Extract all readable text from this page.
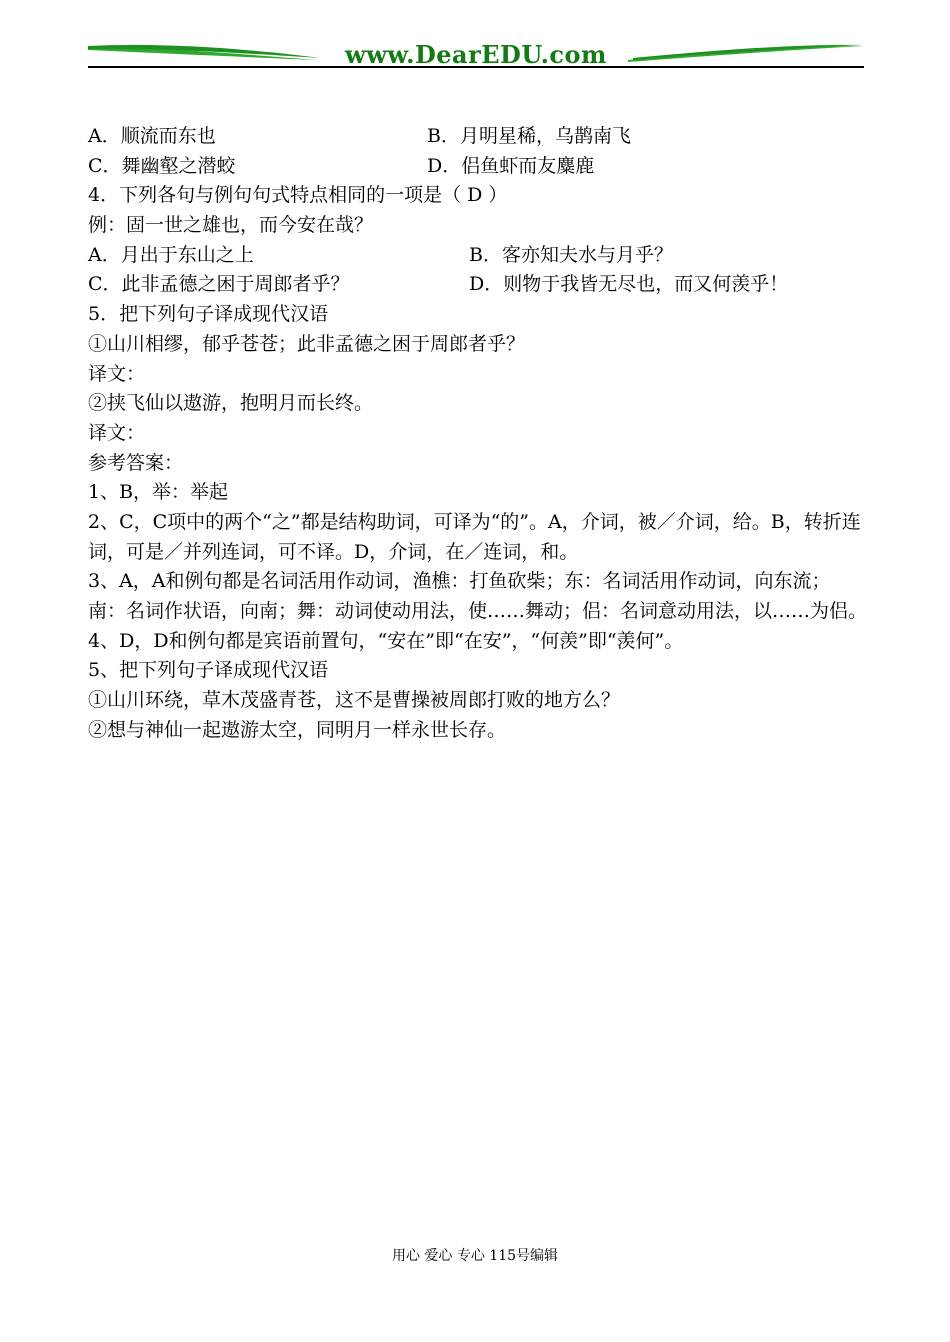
www.DearEDU.com
A．顺流而东也	B．月明星稀，乌鹊南飞
C．舞幽壑之潜蛟	D．侣鱼虾而友麋鹿
4．下列各句与例句句式特点相同的一项是（ D ）
例：固一世之雄也，而今安在哉？
A．月出于东山之上	B．客亦知夫水与月乎？
C．此非孟德之困于周郎者乎？	D．则物于我皆无尽也，而又何羡乎！
5．把下列句子译成现代汉语
①山川相缪，郁乎苍苍；此非孟德之困于周郎者乎？
译文：
②挟飞仙以遨游，抱明月而长终。
译文：
参考答案：
1、B，举：举起
2、C，C项中的两个“之”都是结构助词，可译为“的”。A，介词，被／介词，给。B，转折连词，可是／并列连词，可不译。D，介词，在／连词，和。
3、A，A和例句都是名词活用作动词，渔樵：打鱼砍柴；东：名词活用作动词，向东流；南：名词作状语，向南；舞：动词使动用法，使……舞动；侣：名词意动用法，以……为侣。
4、D，D和例句都是宾语前置句，“安在”即“在安”，“何羡”即“羡何”。
5、把下列句子译成现代汉语
①山川环绕，草木茂盛青苍，这不是曹操被周郎打败的地方么？
②想与神仙一起遨游太空，同明月一样永世长存。
用心 爱心 专心 115号编辑
